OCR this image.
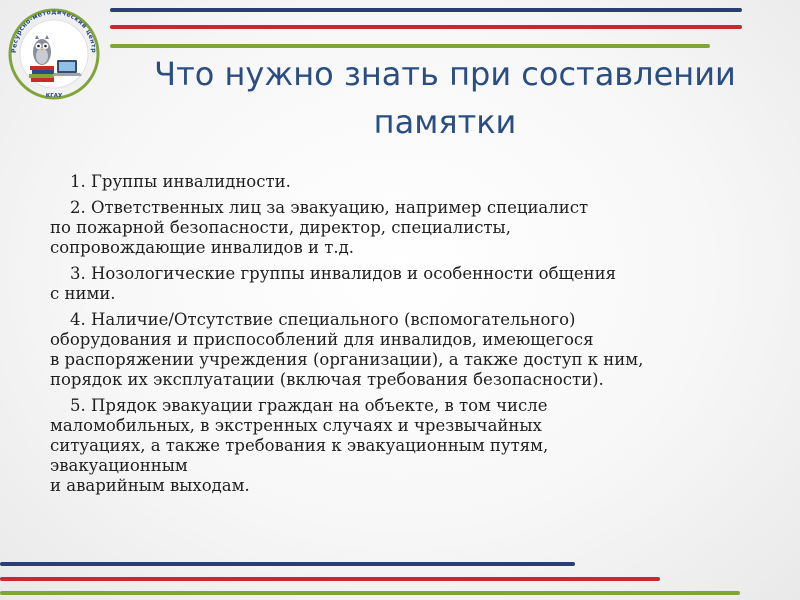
Ресурсно-методический центр
КГАУ
Что нужно знать при составлении
памятки

1. Группы инвалидности.

2. Ответственных лиц за эвакуацию, например специалист
по пожарной безопасности, директор, специалисты,
сопровождающие инвалидов и т.д.

3. Нозологические группы инвалидов и особенности общения
с ними.

4. Наличие/Отсутствие специального (вспомогательного)
оборудования и приспособлений для инвалидов, имеющегося
в распоряжении учреждения (организации), а также доступ к ним,
порядок их эксплуатации (включая требования безопасности).

5. Прядок эвакуации граждан на объекте, в том числе
маломобильных, в экстренных случаях и чрезвычайных
ситуациях, а также требования к эвакуационным путям,
эвакуационным
и аварийным выходам.
